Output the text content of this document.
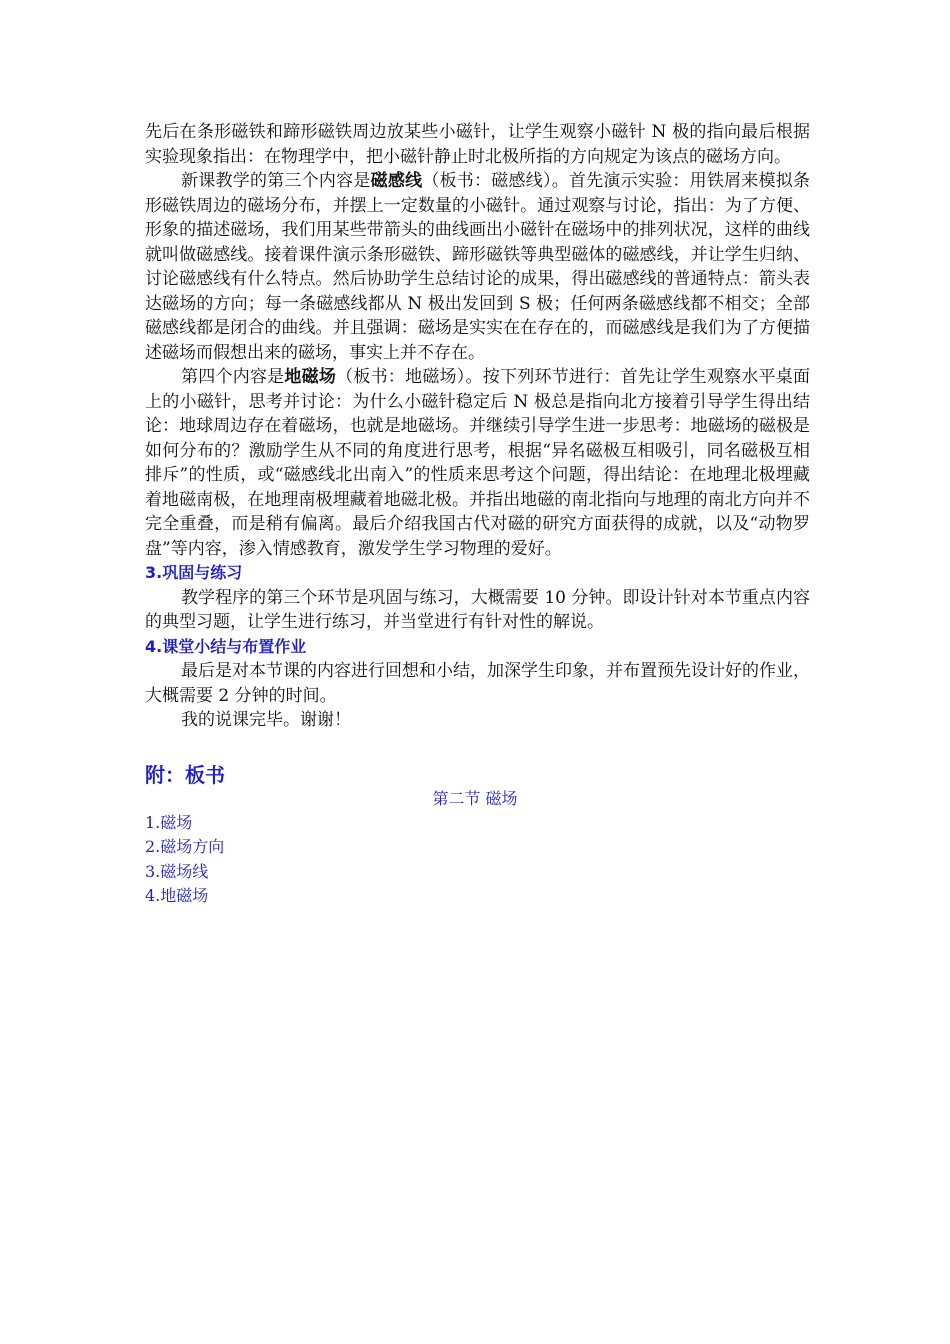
先后在条形磁铁和蹄形磁铁周边放某些小磁针，让学生观察小磁针 N 极的指向最后根据实验现象指出：在物理学中，把小磁针静止时北极所指的方向规定为该点的磁场方向。

新课教学的第三个内容是磁感线（板书：磁感线）。首先演示实验：用铁屑来模拟条形磁铁周边的磁场分布，并摆上一定数量的小磁针。通过观察与讨论，指出：为了方便、形象的描述磁场，我们用某些带箭头的曲线画出小磁针在磁场中的排列状况，这样的曲线就叫做磁感线。接着课件演示条形磁铁、蹄形磁铁等典型磁体的磁感线，并让学生归纳、讨论磁感线有什么特点。然后协助学生总结讨论的成果，得出磁感线的普通特点：箭头表达磁场的方向；每一条磁感线都从 N 极出发回到 S 极；任何两条磁感线都不相交；全部磁感线都是闭合的曲线。并且强调：磁场是实实在在存在的，而磁感线是我们为了方便描述磁场而假想出来的磁场，事实上并不存在。

第四个内容是地磁场（板书：地磁场）。按下列环节进行：首先让学生观察水平桌面上的小磁针，思考并讨论：为什么小磁针稳定后 N 极总是指向北方接着引导学生得出结论：地球周边存在着磁场，也就是地磁场。并继续引导学生进一步思考：地磁场的磁极是如何分布的？激励学生从不同的角度进行思考，根据“异名磁极互相吸引，同名磁极互相排斥”的性质，或“磁感线北出南入”的性质来思考这个问题，得出结论：在地理北极埋藏着地磁南极，在地理南极埋藏着地磁北极。并指出地磁的南北指向与地理的南北方向并不完全重叠，而是稍有偏离。最后介绍我国古代对磁的研究方面获得的成就，以及“动物罗盘”等内容，渗入情感教育，激发学生学习物理的爱好。

3.巩固与练习

教学程序的第三个环节是巩固与练习，大概需要 10 分钟。即设计针对本节重点内容的典型习题，让学生进行练习，并当堂进行有针对性的解说。

4.课堂小结与布置作业

最后是对本节课的内容进行回想和小结，加深学生印象，并布置预先设计好的作业，大概需要 2 分钟的时间。

我的说课完毕。谢谢！

附：板书
第二节 磁场
1.磁场
2.磁场方向
3.磁场线
4.地磁场
